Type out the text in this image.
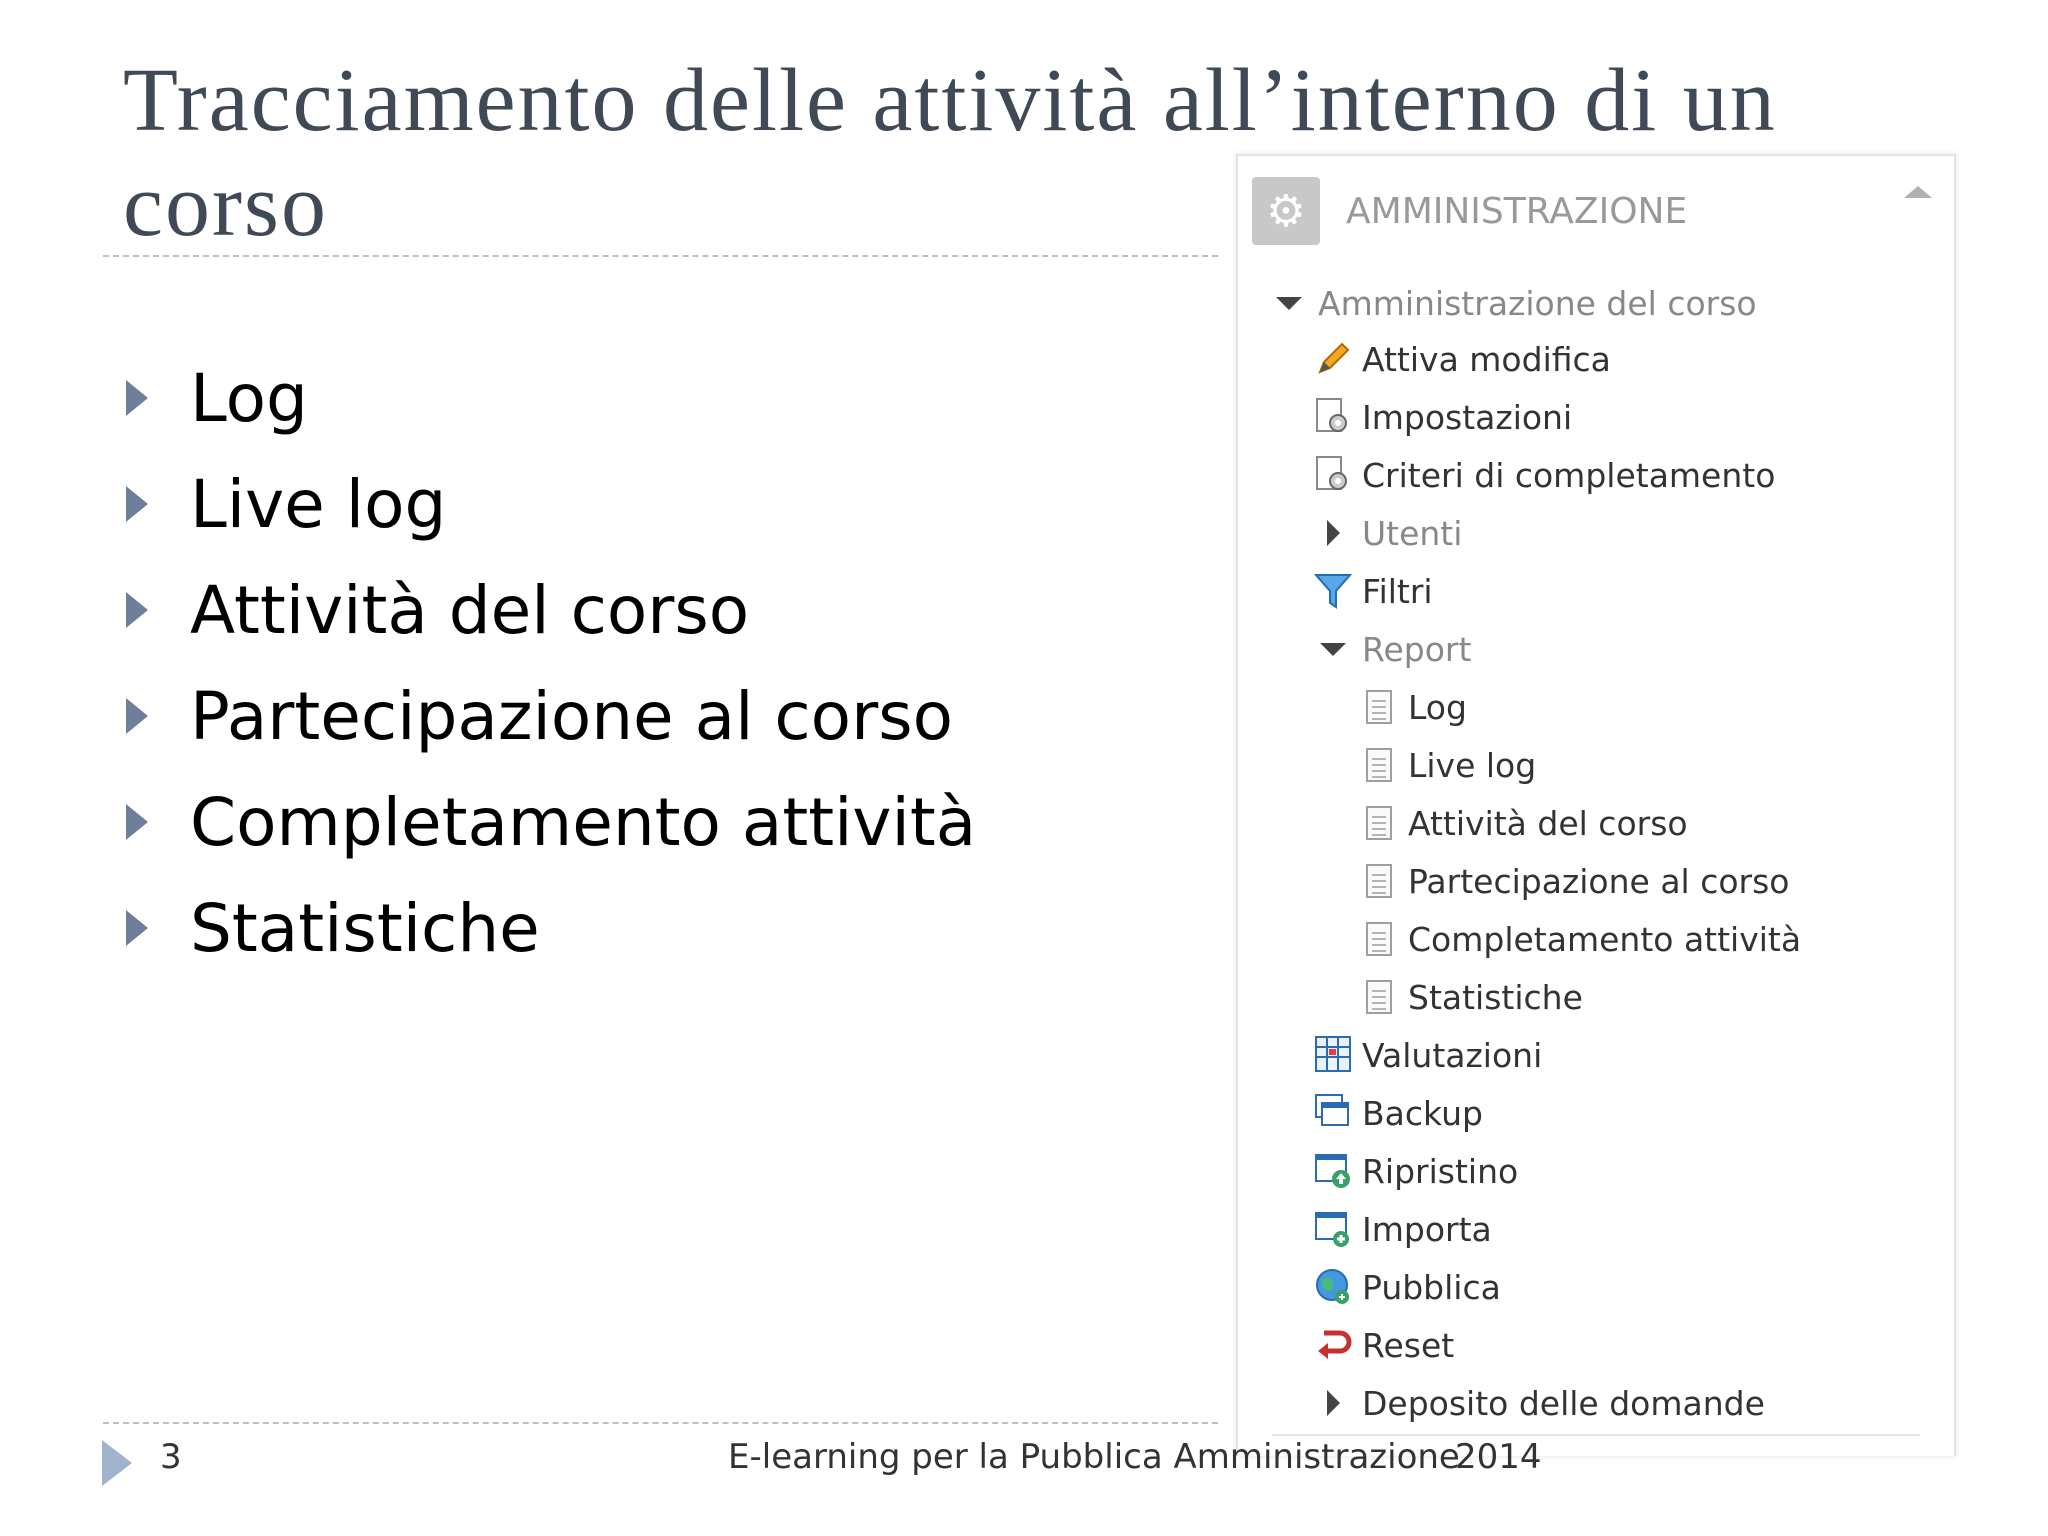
Tracciamento delle attività all’interno di un corso
Log
Live log
Attività del corso
Partecipazione al corso
Completamento attività
Statistiche
⚙	AMMINISTRAZIONE
Amministrazione del corso
Attiva modifica
Impostazioni
Criteri di completamento
Utenti
Filtri
Report
Log
Live log
Attività del corso
Partecipazione al corso
Completamento attività
Statistiche
Valutazioni
Backup
Ripristino
Importa
Pubblica
Reset
Deposito delle domande
3	E-learning per la Pubblica Amministrazione
2014
